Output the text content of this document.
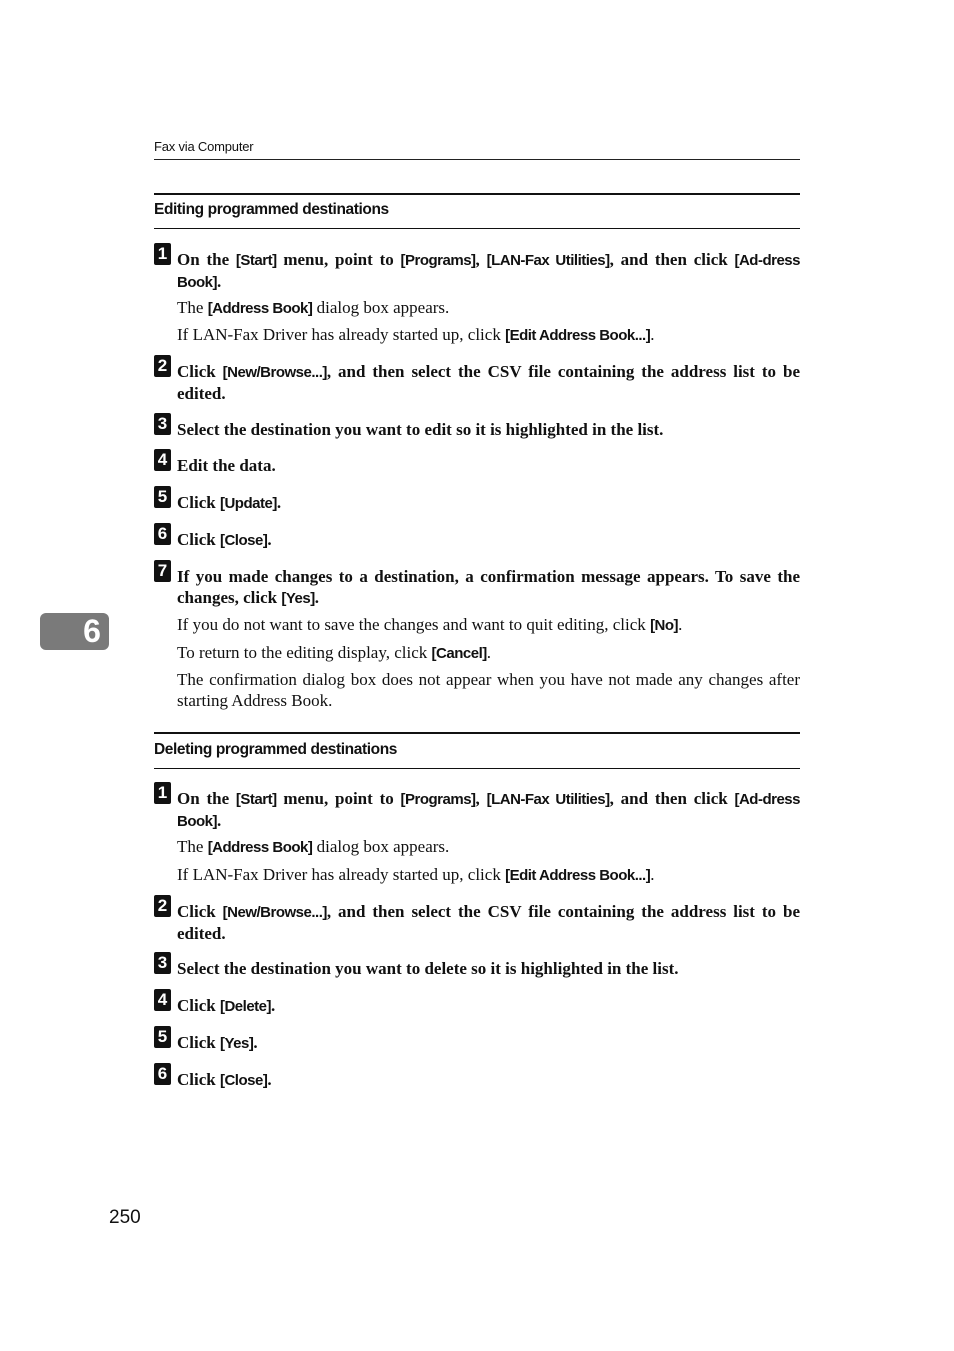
Fax via Computer
Editing programmed destinations
1 On the [Start] menu, point to [Programs], [LAN-Fax Utilities], and then click [Ad-dress Book].
The [Address Book] dialog box appears.
If LAN-Fax Driver has already started up, click [Edit Address Book...].
2 Click [New/Browse...], and then select the CSV file containing the address list to be edited.
3 Select the destination you want to edit so it is highlighted in the list.
4 Edit the data.
5 Click [Update].
6 Click [Close].
7 If you made changes to a destination, a confirmation message appears. To save the changes, click [Yes].
If you do not want to save the changes and want to quit editing, click [No].
To return to the editing display, click [Cancel].
The confirmation dialog box does not appear when you have not made any changes after starting Address Book.
6
Deleting programmed destinations
1 On the [Start] menu, point to [Programs], [LAN-Fax Utilities], and then click [Ad-dress Book].
The [Address Book] dialog box appears.
If LAN-Fax Driver has already started up, click [Edit Address Book...].
2 Click [New/Browse...], and then select the CSV file containing the address list to be edited.
3 Select the destination you want to delete so it is highlighted in the list.
4 Click [Delete].
5 Click [Yes].
6 Click [Close].
250
